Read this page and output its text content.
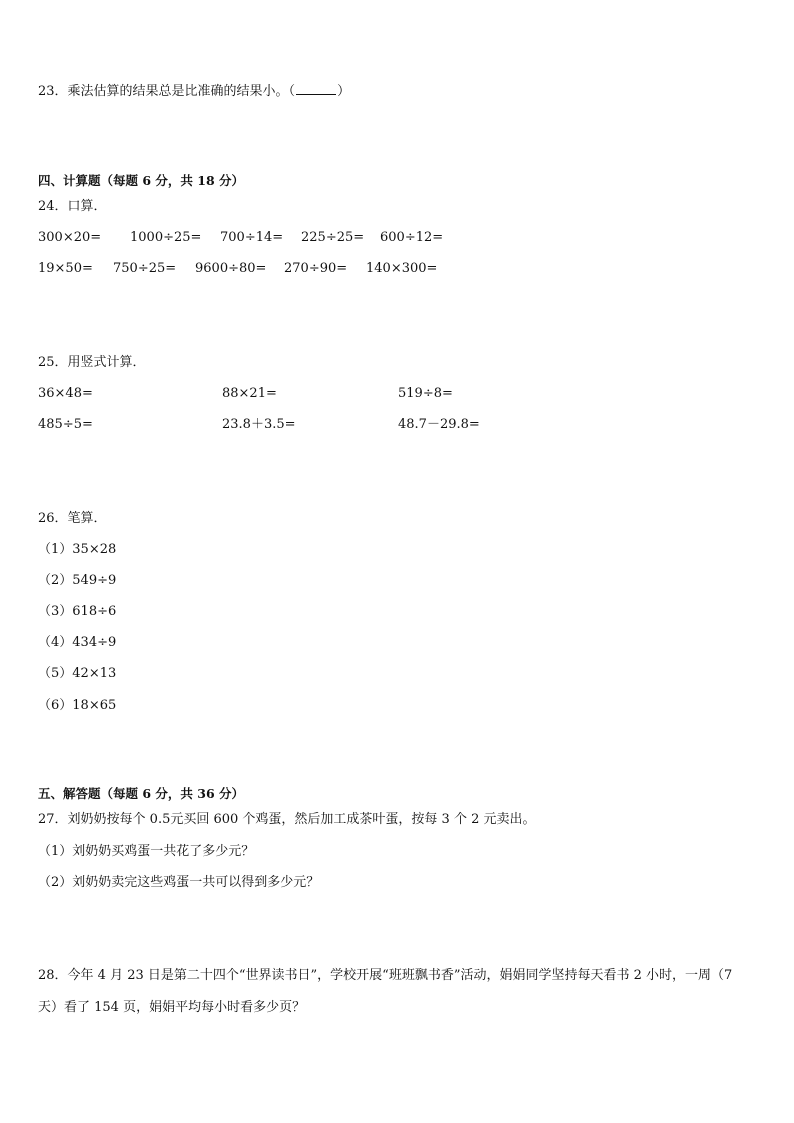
23．乘法估算的结果总是比准确的结果小。（	）
四、计算题（每题 6 分，共 18 分）
24．口算．
300×20= 1000÷25= 700÷14= 225÷25= 600÷12=
19×50= 750÷25= 9600÷80= 270÷90= 140×300=
25．用竖式计算．
36×48=	88×21=	519÷8=
485÷5=	23.8＋3.5=	48.7－29.8=
26．笔算．
（1）35×28
（2）549÷9
（3）618÷6
（4）434÷9
（5）42×13
（6）18×65
五、解答题（每题 6 分，共 36 分）
27．刘奶奶按每个 0.5元买回 600 个鸡蛋，然后加工成茶叶蛋，按每 3 个 2 元卖出。
（1）刘奶奶买鸡蛋一共花了多少元？
（2）刘奶奶卖完这些鸡蛋一共可以得到多少元？
28．今年 4 月 23 日是第二十四个“世界读书日”，学校开展“班班飘书香”活动，娟娟同学坚持每天看书 2 小时，一周（7
天）看了 154 页，娟娟平均每小时看多少页？
